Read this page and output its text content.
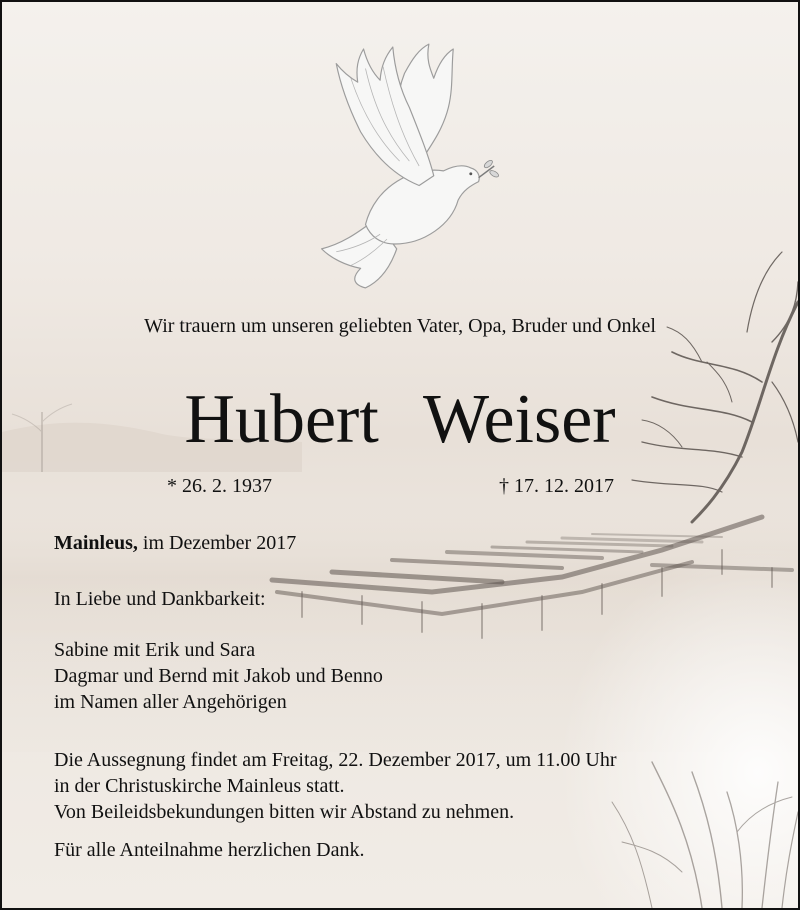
Wir trauern um unseren geliebten Vater, Opa, Bruder und Onkel
Hubert Weiser
* 26. 2. 1937	† 17. 12. 2017
Mainleus, im Dezember 2017
In Liebe und Dankbarkeit:
Sabine mit Erik und Sara
Dagmar und Bernd mit Jakob und Benno
im Namen aller Angehörigen
Die Aussegnung findet am Freitag, 22. Dezember 2017, um 11.00 Uhr
in der Christuskirche Mainleus statt.
Von Beileidsbekundungen bitten wir Abstand zu nehmen.
Für alle Anteilnahme herzlichen Dank.
